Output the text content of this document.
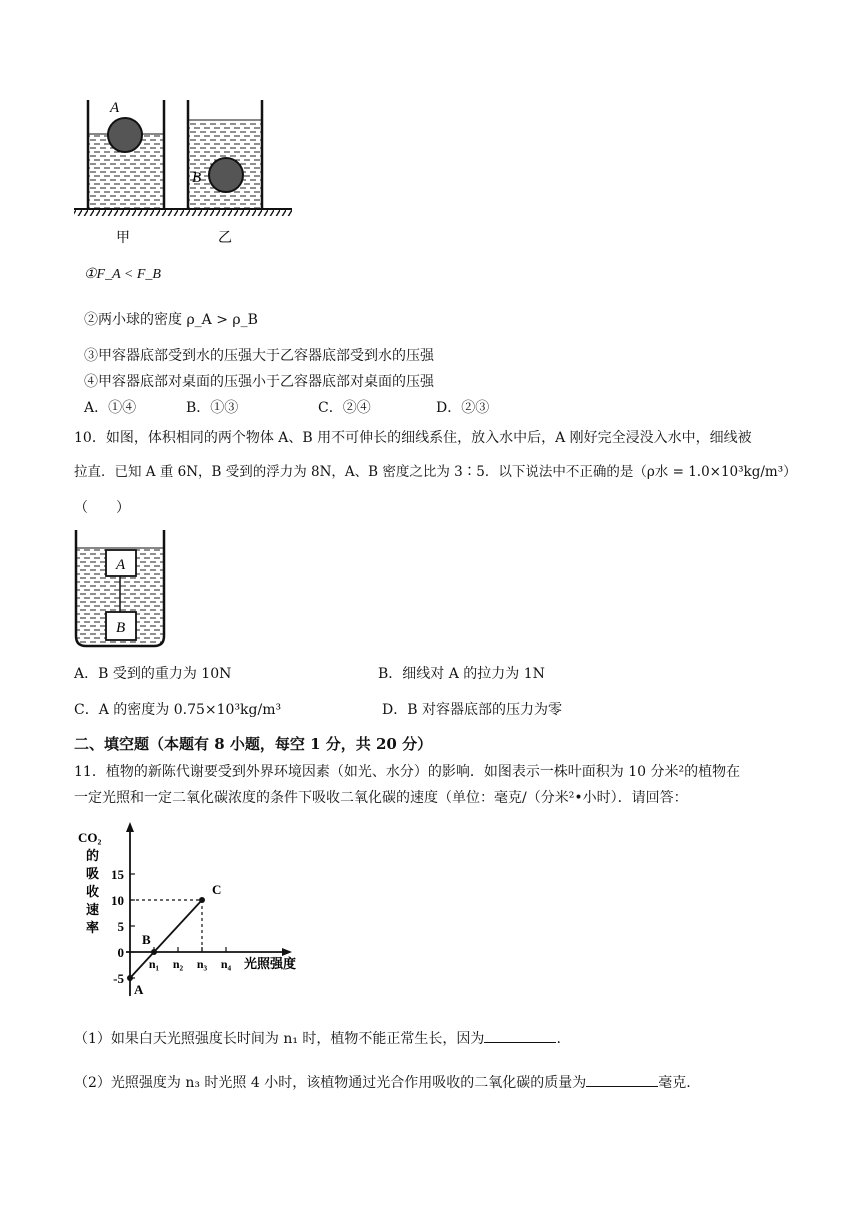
A
B
甲	乙
①F_A < F_B
②两小球的密度 ρ_A > ρ_B
③甲容器底部受到水的压强大于乙容器底部受到水的压强
④甲容器底部对桌面的压强小于乙容器底部对桌面的压强
A．①④	B．①③	C．②④	D．②③
10．如图，体积相同的两个物体 A、B 用不可伸长的细线系住，放入水中后，A 刚好完全浸没入水中，细线被
拉直．已知 A 重 6N，B 受到的浮力为 8N，A、B 密度之比为 3∶5．以下说法中不正确的是（ρ水 = 1.0×10³kg/m³）
（　　）
A
B
A．B 受到的重力为 10N	B．细线对 A 的拉力为 1N
C．A 的密度为 0.75×10³kg/m³	D．B 对容器底部的压力为零
二、填空题（本题有 8 小题，每空 1 分，共 20 分）
11．植物的新陈代谢要受到外界环境因素（如光、水分）的影响．如图表示一株叶面积为 10 分米²的植物在
一定光照和一定二氧化碳浓度的条件下吸收二氧化碳的速度（单位：毫克/（分米²•小时）．请回答：
CO₂ 的吸收速率
15
10
5
0
-5
n₁ n₂ n₃ n₄ 光照强度
A
B
C
（1）如果白天光照强度长时间为 n₁ 时，植物不能正常生长，因为	.
（2）光照强度为 n₃ 时光照 4 小时，该植物通过光合作用吸收的二氧化碳的质量为	毫克.
